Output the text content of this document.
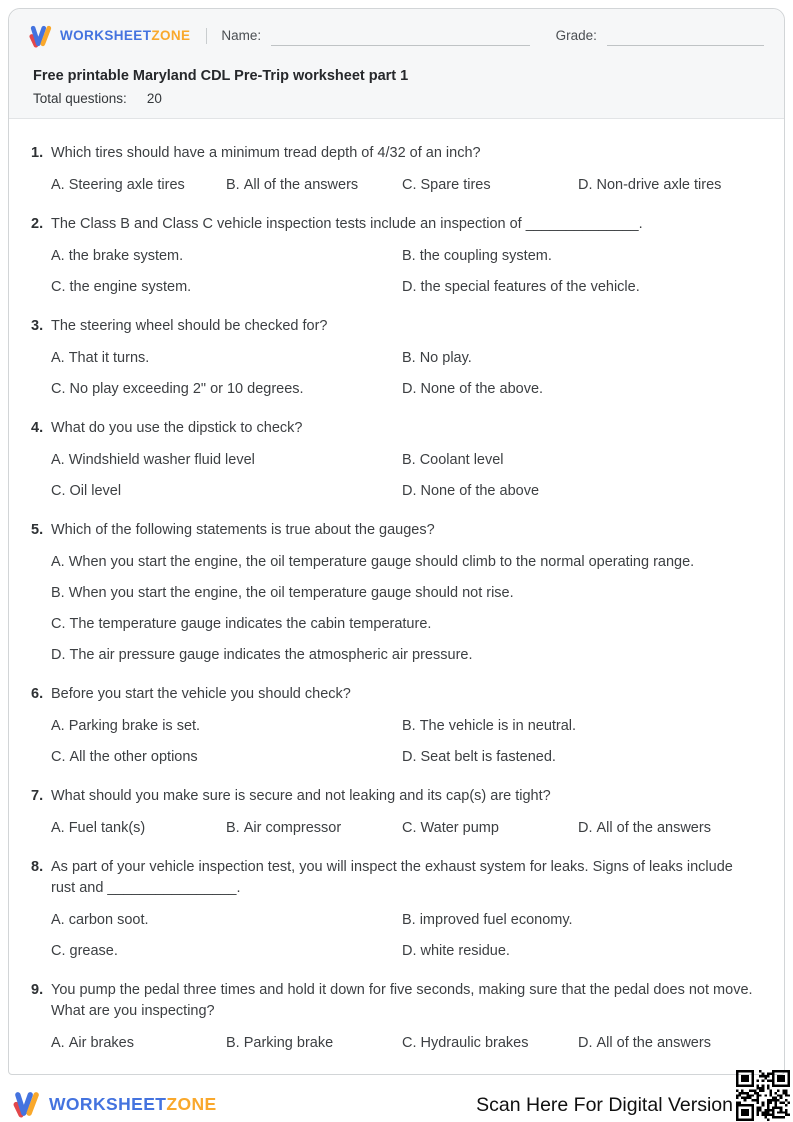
WORKSHEETZONE Name:	Grade:
Free printable Maryland CDL Pre-Trip worksheet part 1
Total questions: 20
1. Which tires should have a minimum tread depth of 4/32 of an inch?
A. Steering axle tires	B. All of the answers	C. Spare tires	D. Non-drive axle tires
2. The Class B and Class C vehicle inspection tests include an inspection of ______________.
A. the brake system.	B. the coupling system.
C. the engine system.	D. the special features of the vehicle.
3. The steering wheel should be checked for?
A. That it turns.	B. No play.
C. No play exceeding 2" or 10 degrees.	D. None of the above.
4. What do you use the dipstick to check?
A. Windshield washer fluid level	B. Coolant level
C. Oil level	D. None of the above
5. Which of the following statements is true about the gauges?
A. When you start the engine, the oil temperature gauge should climb to the normal operating range.
B. When you start the engine, the oil temperature gauge should not rise.
C. The temperature gauge indicates the cabin temperature.
D. The air pressure gauge indicates the atmospheric air pressure.
6. Before you start the vehicle you should check?
A. Parking brake is set.	B. The vehicle is in neutral.
C. All the other options	D. Seat belt is fastened.
7. What should you make sure is secure and not leaking and its cap(s) are tight?
A. Fuel tank(s)	B. Air compressor	C. Water pump	D. All of the answers
8. As part of your vehicle inspection test, you will inspect the exhaust system for leaks. Signs of leaks include rust and ________________.
A. carbon soot.	B. improved fuel economy.
C. grease.	D. white residue.
9. You pump the pedal three times and hold it down for five seconds, making sure that the pedal does not move. What are you inspecting?
A. Air brakes	B. Parking brake	C. Hydraulic brakes	D. All of the answers
WORKSHEETZONE	Scan Here For Digital Version
